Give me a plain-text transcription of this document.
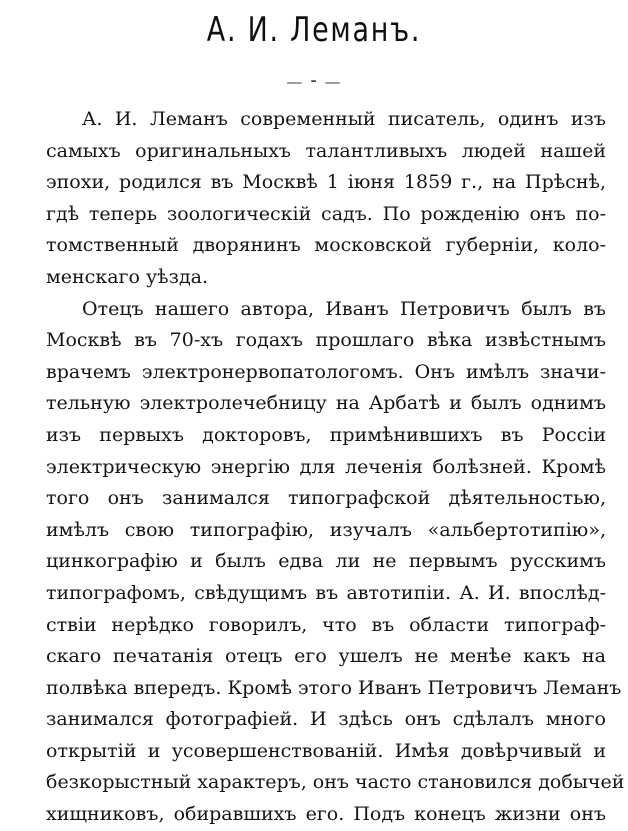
А. И. Леманъ.
— ⁃ —
А. И. Леманъ современный писатель, одинъ изъ
самыхъ оригинальныхъ талантливыхъ людей нашей
эпохи, родился въ Москвѣ 1 іюня 1859 г., на Прѣснѣ,
гдѣ теперь зоологическій садъ. По рожденію онъ по-
томственный дворянинъ московской губерніи, коло-
менскаго уѣзда.
Отецъ нашего автора, Иванъ Петровичъ былъ въ
Москвѣ въ 70-хъ годахъ прошлаго вѣка извѣстнымъ
врачемъ электронервопатологомъ. Онъ имѣлъ значи-
тельную электролечебницу на Арбатѣ и былъ однимъ
изъ первыхъ докторовъ, примѣнившихъ въ Россіи
электрическую энергію для леченія болѣзней. Кромѣ
того онъ занимался типографской дѣятельностью,
имѣлъ свою типографію, изучалъ «альбертотипію»,
цинкографію и былъ едва ли не первымъ русскимъ
типографомъ, свѣдущимъ въ автотипіи. А. И. впослѣд-
ствіи нерѣдко говорилъ, что въ области типограф-
скаго печатанія отецъ его ушелъ не менѣе какъ на
полвѣка впередъ. Кромѣ этого Иванъ Петровичъ Леманъ
занимался фотографіей. И здѣсь онъ сдѣлалъ много
открытій и усовершенствованій. Имѣя довѣрчивый и
безкорыстный характеръ, онъ часто становился добычей
хищниковъ, обиравшихъ его. Подъ конецъ жизни онъ
